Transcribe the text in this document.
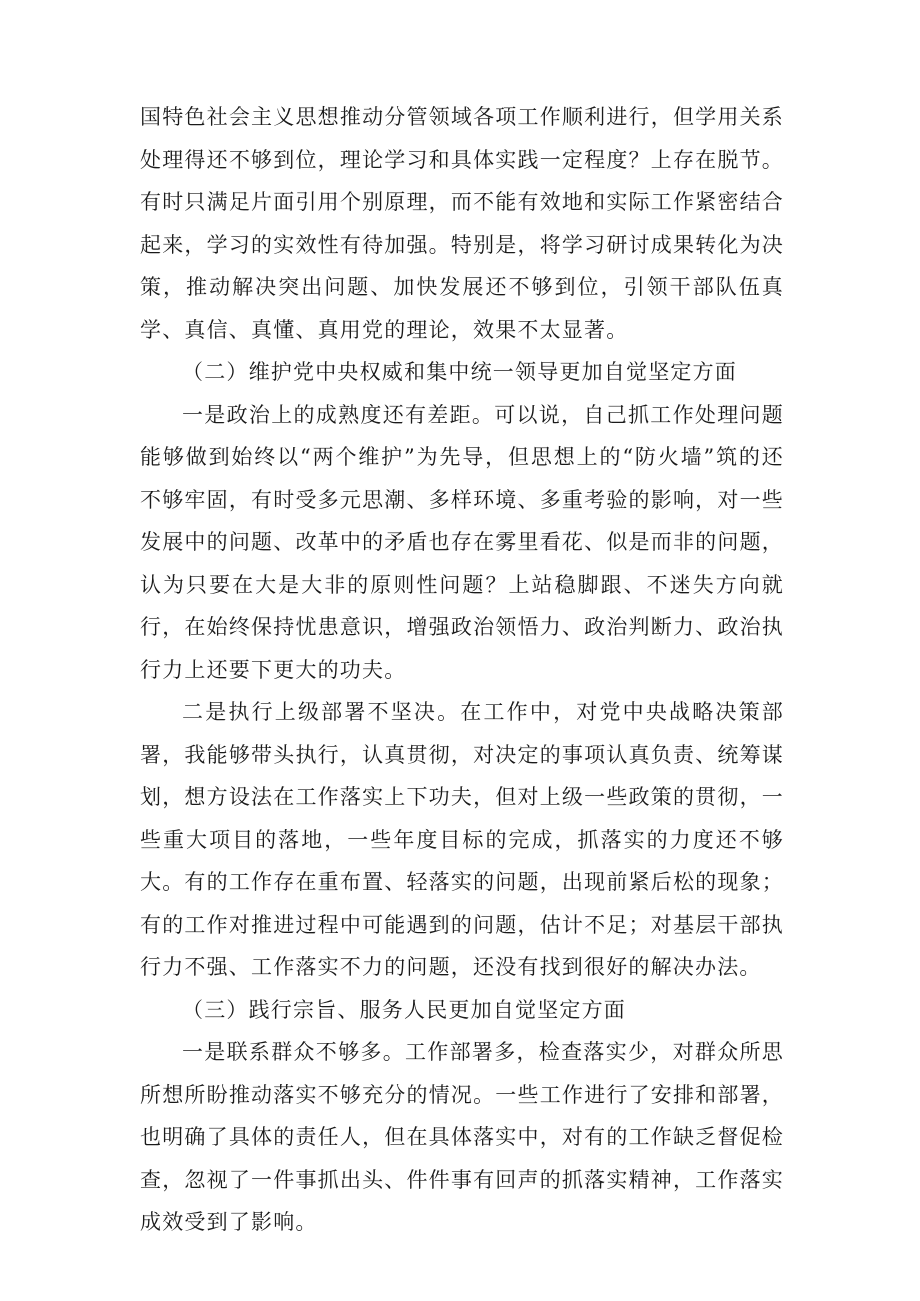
国特色社会主义思想推动分管领域各项工作顺利进行，但学用关系处理得还不够到位，理论学习和具体实践一定程度？上存在脱节。有时只满足片面引用个别原理，而不能有效地和实际工作紧密结合起来，学习的实效性有待加强。特别是，将学习研讨成果转化为决策，推动解决突出问题、加快发展还不够到位，引领干部队伍真学、真信、真懂、真用党的理论，效果不太显著。

（二）维护党中央权威和集中统一领导更加自觉坚定方面

一是政治上的成熟度还有差距。可以说，自己抓工作处理问题能够做到始终以“两个维护”为先导，但思想上的“防火墙”筑的还不够牢固，有时受多元思潮、多样环境、多重考验的影响，对一些发展中的问题、改革中的矛盾也存在雾里看花、似是而非的问题，认为只要在大是大非的原则性问题？上站稳脚跟、不迷失方向就行，在始终保持忧患意识，增强政治领悟力、政治判断力、政治执行力上还要下更大的功夫。

二是执行上级部署不坚决。在工作中，对党中央战略决策部署，我能够带头执行，认真贯彻，对决定的事项认真负责、统筹谋划，想方设法在工作落实上下功夫，但对上级一些政策的贯彻，一些重大项目的落地，一些年度目标的完成，抓落实的力度还不够大。有的工作存在重布置、轻落实的问题，出现前紧后松的现象；有的工作对推进过程中可能遇到的问题，估计不足；对基层干部执行力不强、工作落实不力的问题，还没有找到很好的解决办法。

（三）践行宗旨、服务人民更加自觉坚定方面

一是联系群众不够多。工作部署多，检查落实少，对群众所思所想所盼推动落实不够充分的情况。一些工作进行了安排和部署，也明确了具体的责任人，但在具体落实中，对有的工作缺乏督促检查，忽视了一件事抓出头、件件事有回声的抓落实精神，工作落实成效受到了影响。
